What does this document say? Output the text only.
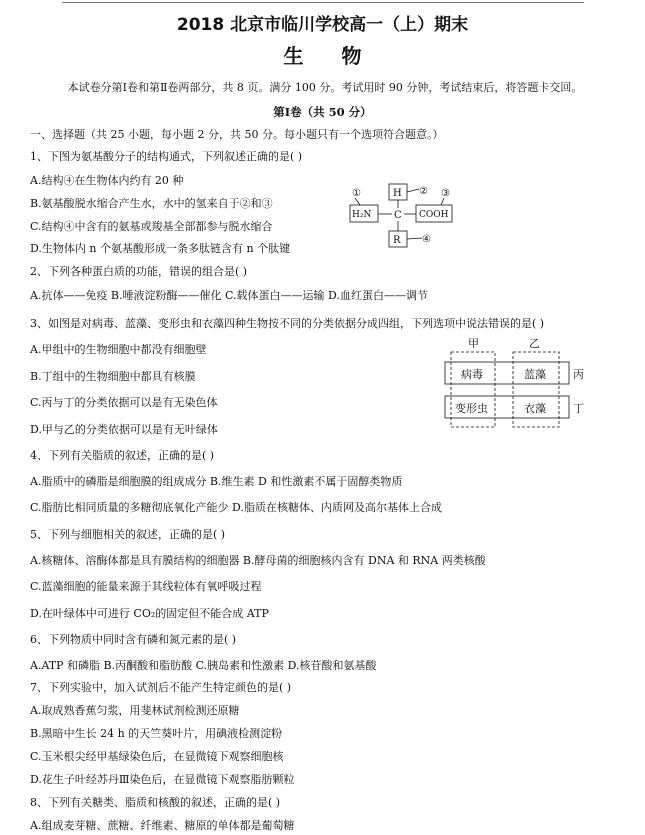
2018 北京市临川学校高一（上）期末
生物
本试卷分第Ⅰ卷和第Ⅱ卷两部分，共 8 页。满分 100 分。考试用时 90 分钟，考试结束后，将答题卡交回。
第Ⅰ卷（共 50 分）
一、选择题（共 25 小题，每小题 2 分，共 50 分。每小题只有一个选项符合题意。）
1、下图为氨基酸分子的结构通式，下列叙述正确的是( )
A.结构④在生物体内约有 20 种
B.氨基酸脱水缩合产生水，水中的氢来自于②和③
C.结构④中含有的氨基或羧基全部都参与脱水缩合
D.生物体内 n 个氨基酸形成一条多肽链含有 n 个肽键
2、下列各种蛋白质的功能，错误的组合是( )
A.抗体——免疫 B.唾液淀粉酶——催化 C.载体蛋白——运输 D.血红蛋白——调节
3、如图是对病毒、蓝藻、变形虫和衣藻四种生物按不同的分类依据分成四组，下列选项中说法错误的是( )
A.甲组中的生物细胞中都没有细胞壁
B.丁组中的生物细胞中都具有核膜
C.丙与丁的分类依据可以是有无染色体
D.甲与乙的分类依据可以是有无叶绿体
4、下列有关脂质的叙述，正确的是( )
A.脂质中的磷脂是细胞膜的组成成分 B.维生素 D 和性激素不属于固醇类物质
C.脂肪比相同质量的多糖彻底氧化产能少 D.脂质在核糖体、内质网及高尔基体上合成
5、下列与细胞相关的叙述，正确的是( )
A.核糖体、溶酶体都是具有膜结构的细胞器 B.酵母菌的细胞核内含有 DNA 和 RNA 两类核酸
C.蓝藻细胞的能量来源于其线粒体有氧呼吸过程
D.在叶绿体中可进行 CO₂的固定但不能合成 ATP
6、下列物质中同时含有磷和氮元素的是( )
A.ATP 和磷脂 B.丙酮酸和脂肪酸 C.胰岛素和性激素 D.核苷酸和氨基酸
7、下列实验中，加入试剂后不能产生特定颜色的是( )
A.取成熟香蕉匀浆，用斐林试剂检测还原糖
B.黑暗中生长 24 h 的天竺葵叶片，用碘液检测淀粉
C.玉米根尖经甲基绿染色后，在显微镜下观察细胞核
D.花生子叶经苏丹Ⅲ染色后，在显微镜下观察脂肪颗粒
8、下列有关糖类、脂质和核酸的叙述，正确的是( )
A.组成麦芽糖、蔗糖、纤维素、糖原的单体都是葡萄糖
①	② ③
④
H
H₂N C COOH
R
甲	乙
丙
丁
病毒	蓝藻
变形虫	衣藻
